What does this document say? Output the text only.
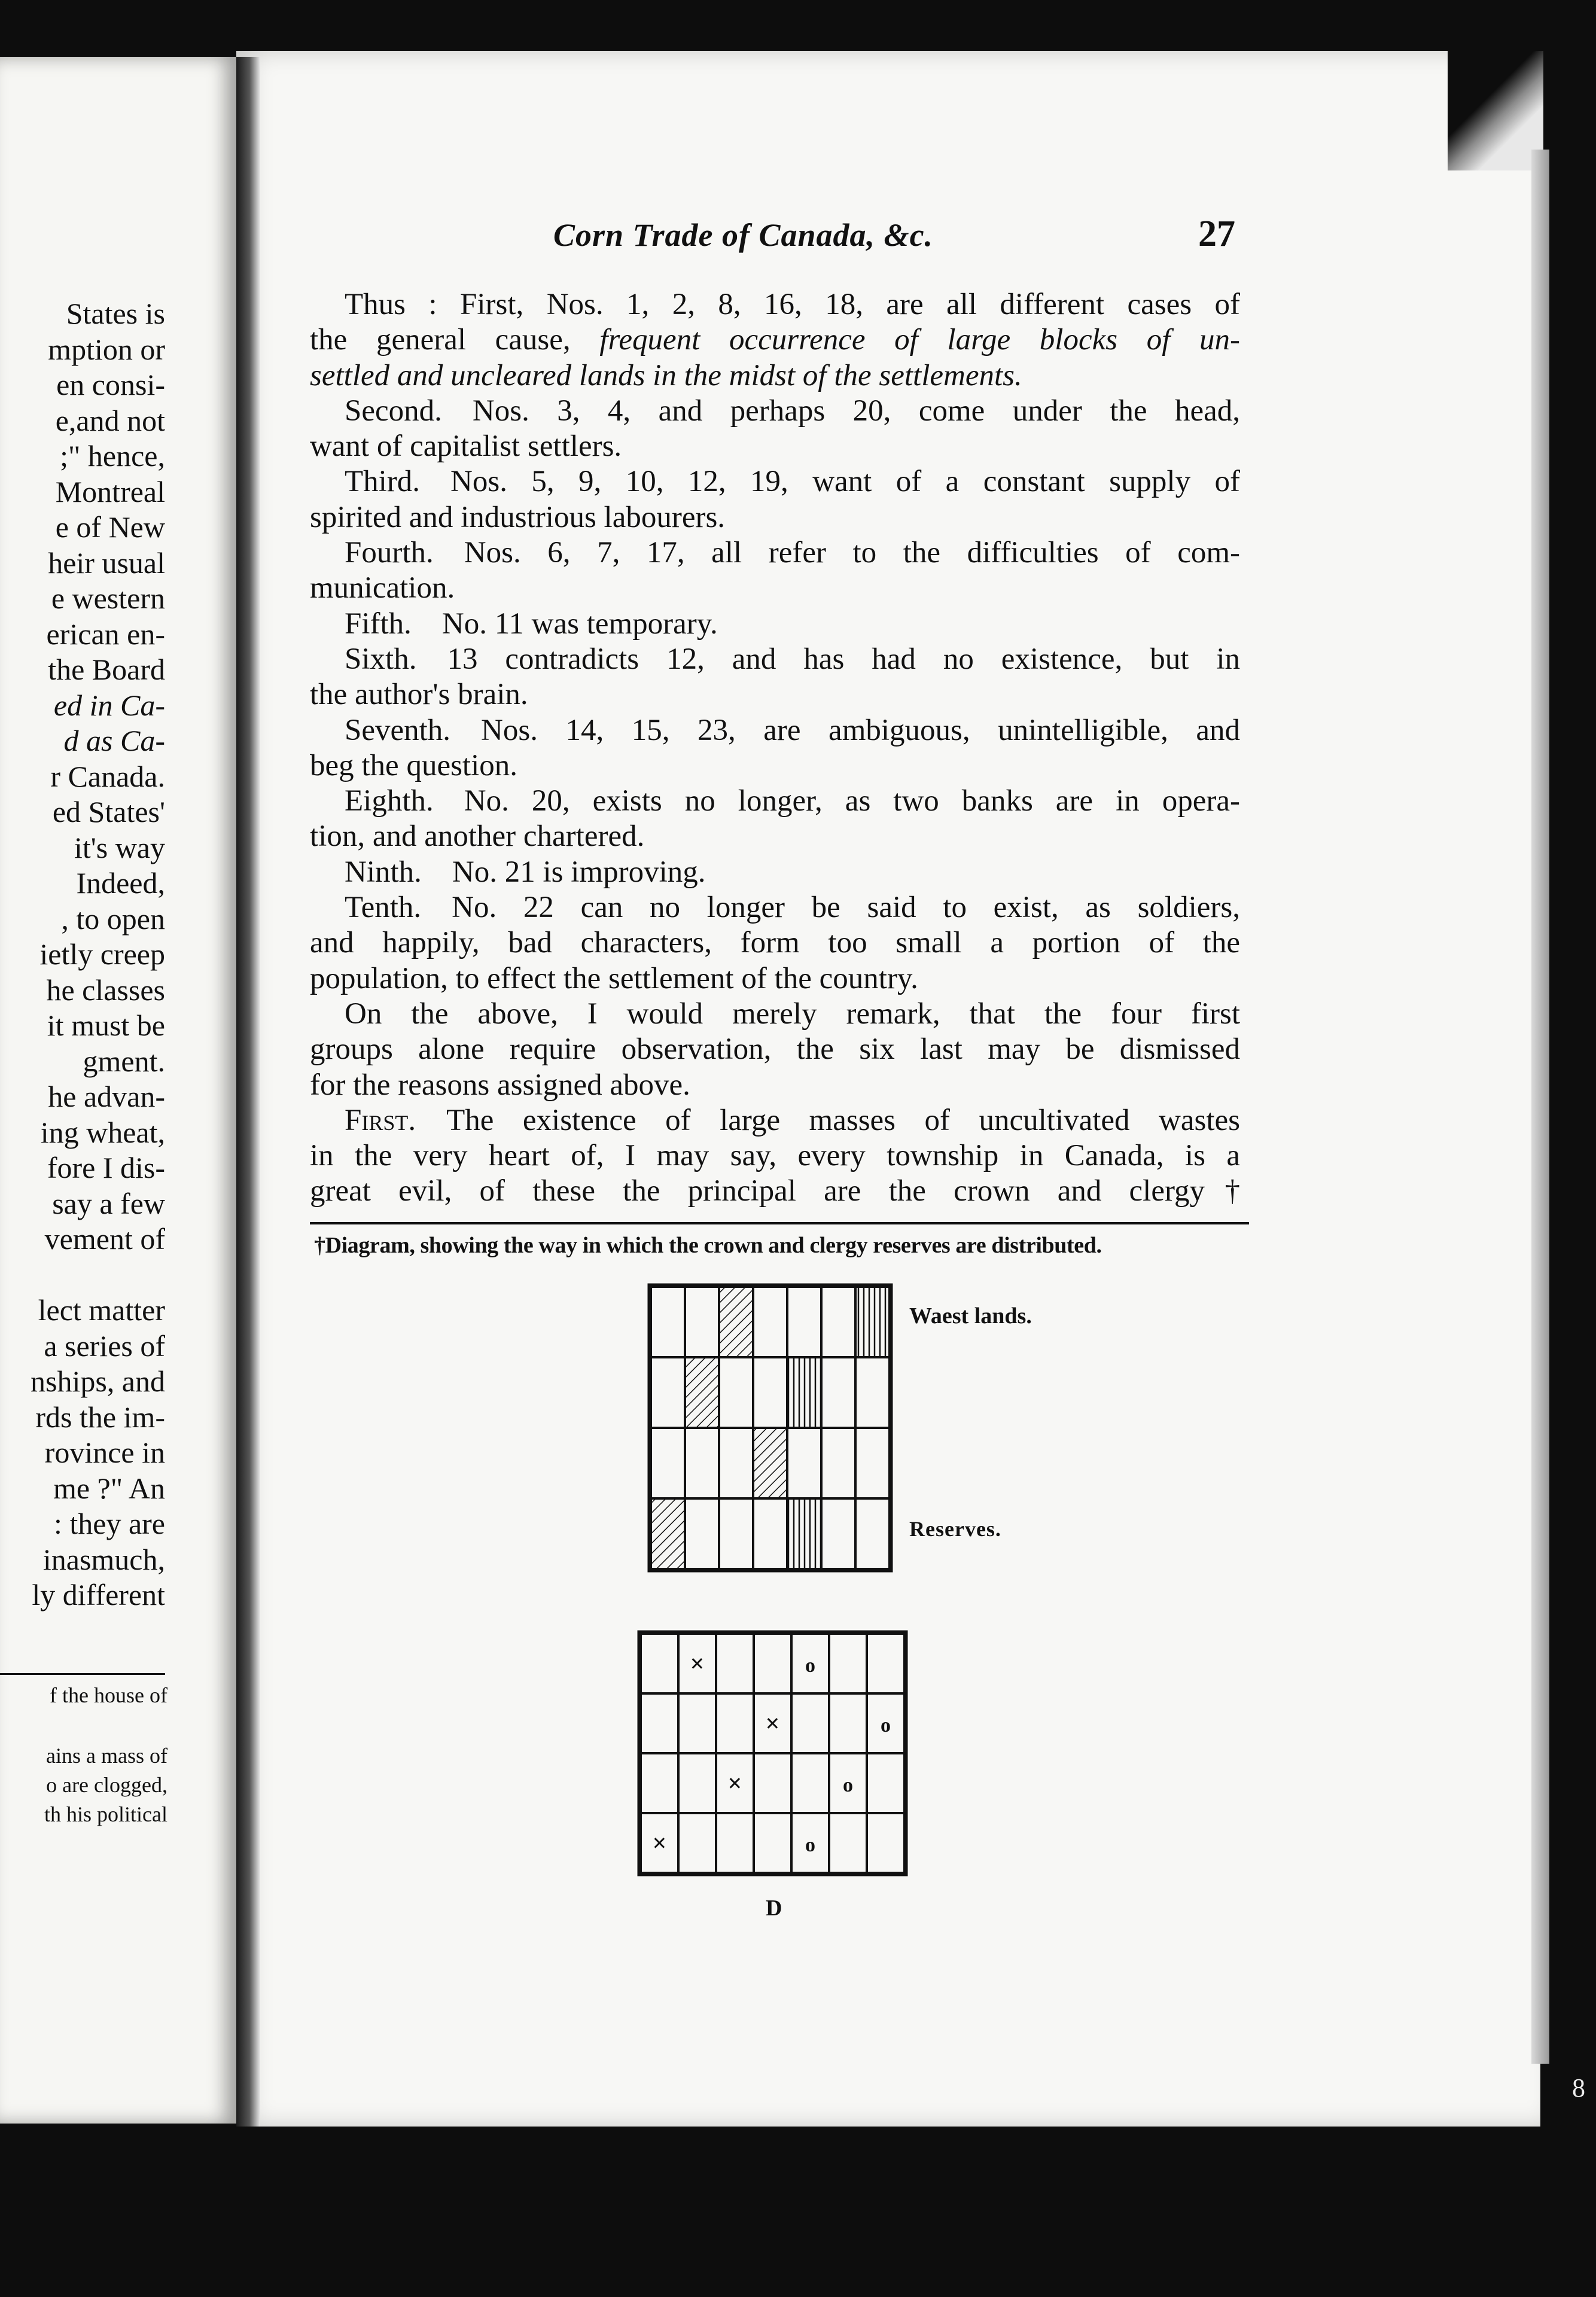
States is
mption or
en consi-
e,and not
;" hence,
Montreal
e of New
heir usual
e western
erican en-
the Board
ed in Ca-
d as Ca-
r Canada.
ed States'
it's way
Indeed,
, to open
ietly creep
he classes
it must be
gment.
he advan-
ing wheat,
fore I dis-
say a few
vement of
lect matter
a series of
nships, and
rds the im-
rovince in
me ?" An
: they are
inasmuch,
ly different
f the house of
ains a mass of
o are clogged,
th his political
Corn Trade of Canada, &c.	27
Thus : First, Nos. 1, 2, 8, 16, 18, are all different cases of
the general cause, frequent occurrence of large blocks of un-
settled and uncleared lands in the midst of the settlements.
Second. Nos. 3, 4, and perhaps 20, come under the head,
want of capitalist settlers.
Third. Nos. 5, 9, 10, 12, 19, want of a constant supply of
spirited and industrious labourers.
Fourth. Nos. 6, 7, 17, all refer to the difficulties of com-
munication.
Fifth. No. 11 was temporary.
Sixth. 13 contradicts 12, and has had no existence, but in
the author's brain.
Seventh. Nos. 14, 15, 23, are ambiguous, unintelligible, and
beg the question.
Eighth. No. 20, exists no longer, as two banks are in opera-
tion, and another chartered.
Ninth. No. 21 is improving.
Tenth. No. 22 can no longer be said to exist, as soldiers,
and happily, bad characters, form too small a portion of the
population, to effect the settlement of the country.
On the above, I would merely remark, that the four first
groups alone require observation, the six last may be dismissed
for the reasons assigned above.
First. The existence of large masses of uncultivated wastes
in the very heart of, I may say, every township in Canada, is a
great evil, of these the principal are the crown and clergy†
†Diagram, showing the way in which the crown and clergy reserves are distributed.
Waest lands.
Reserves.
×	o
×	o
×	o
×	o
D
8
